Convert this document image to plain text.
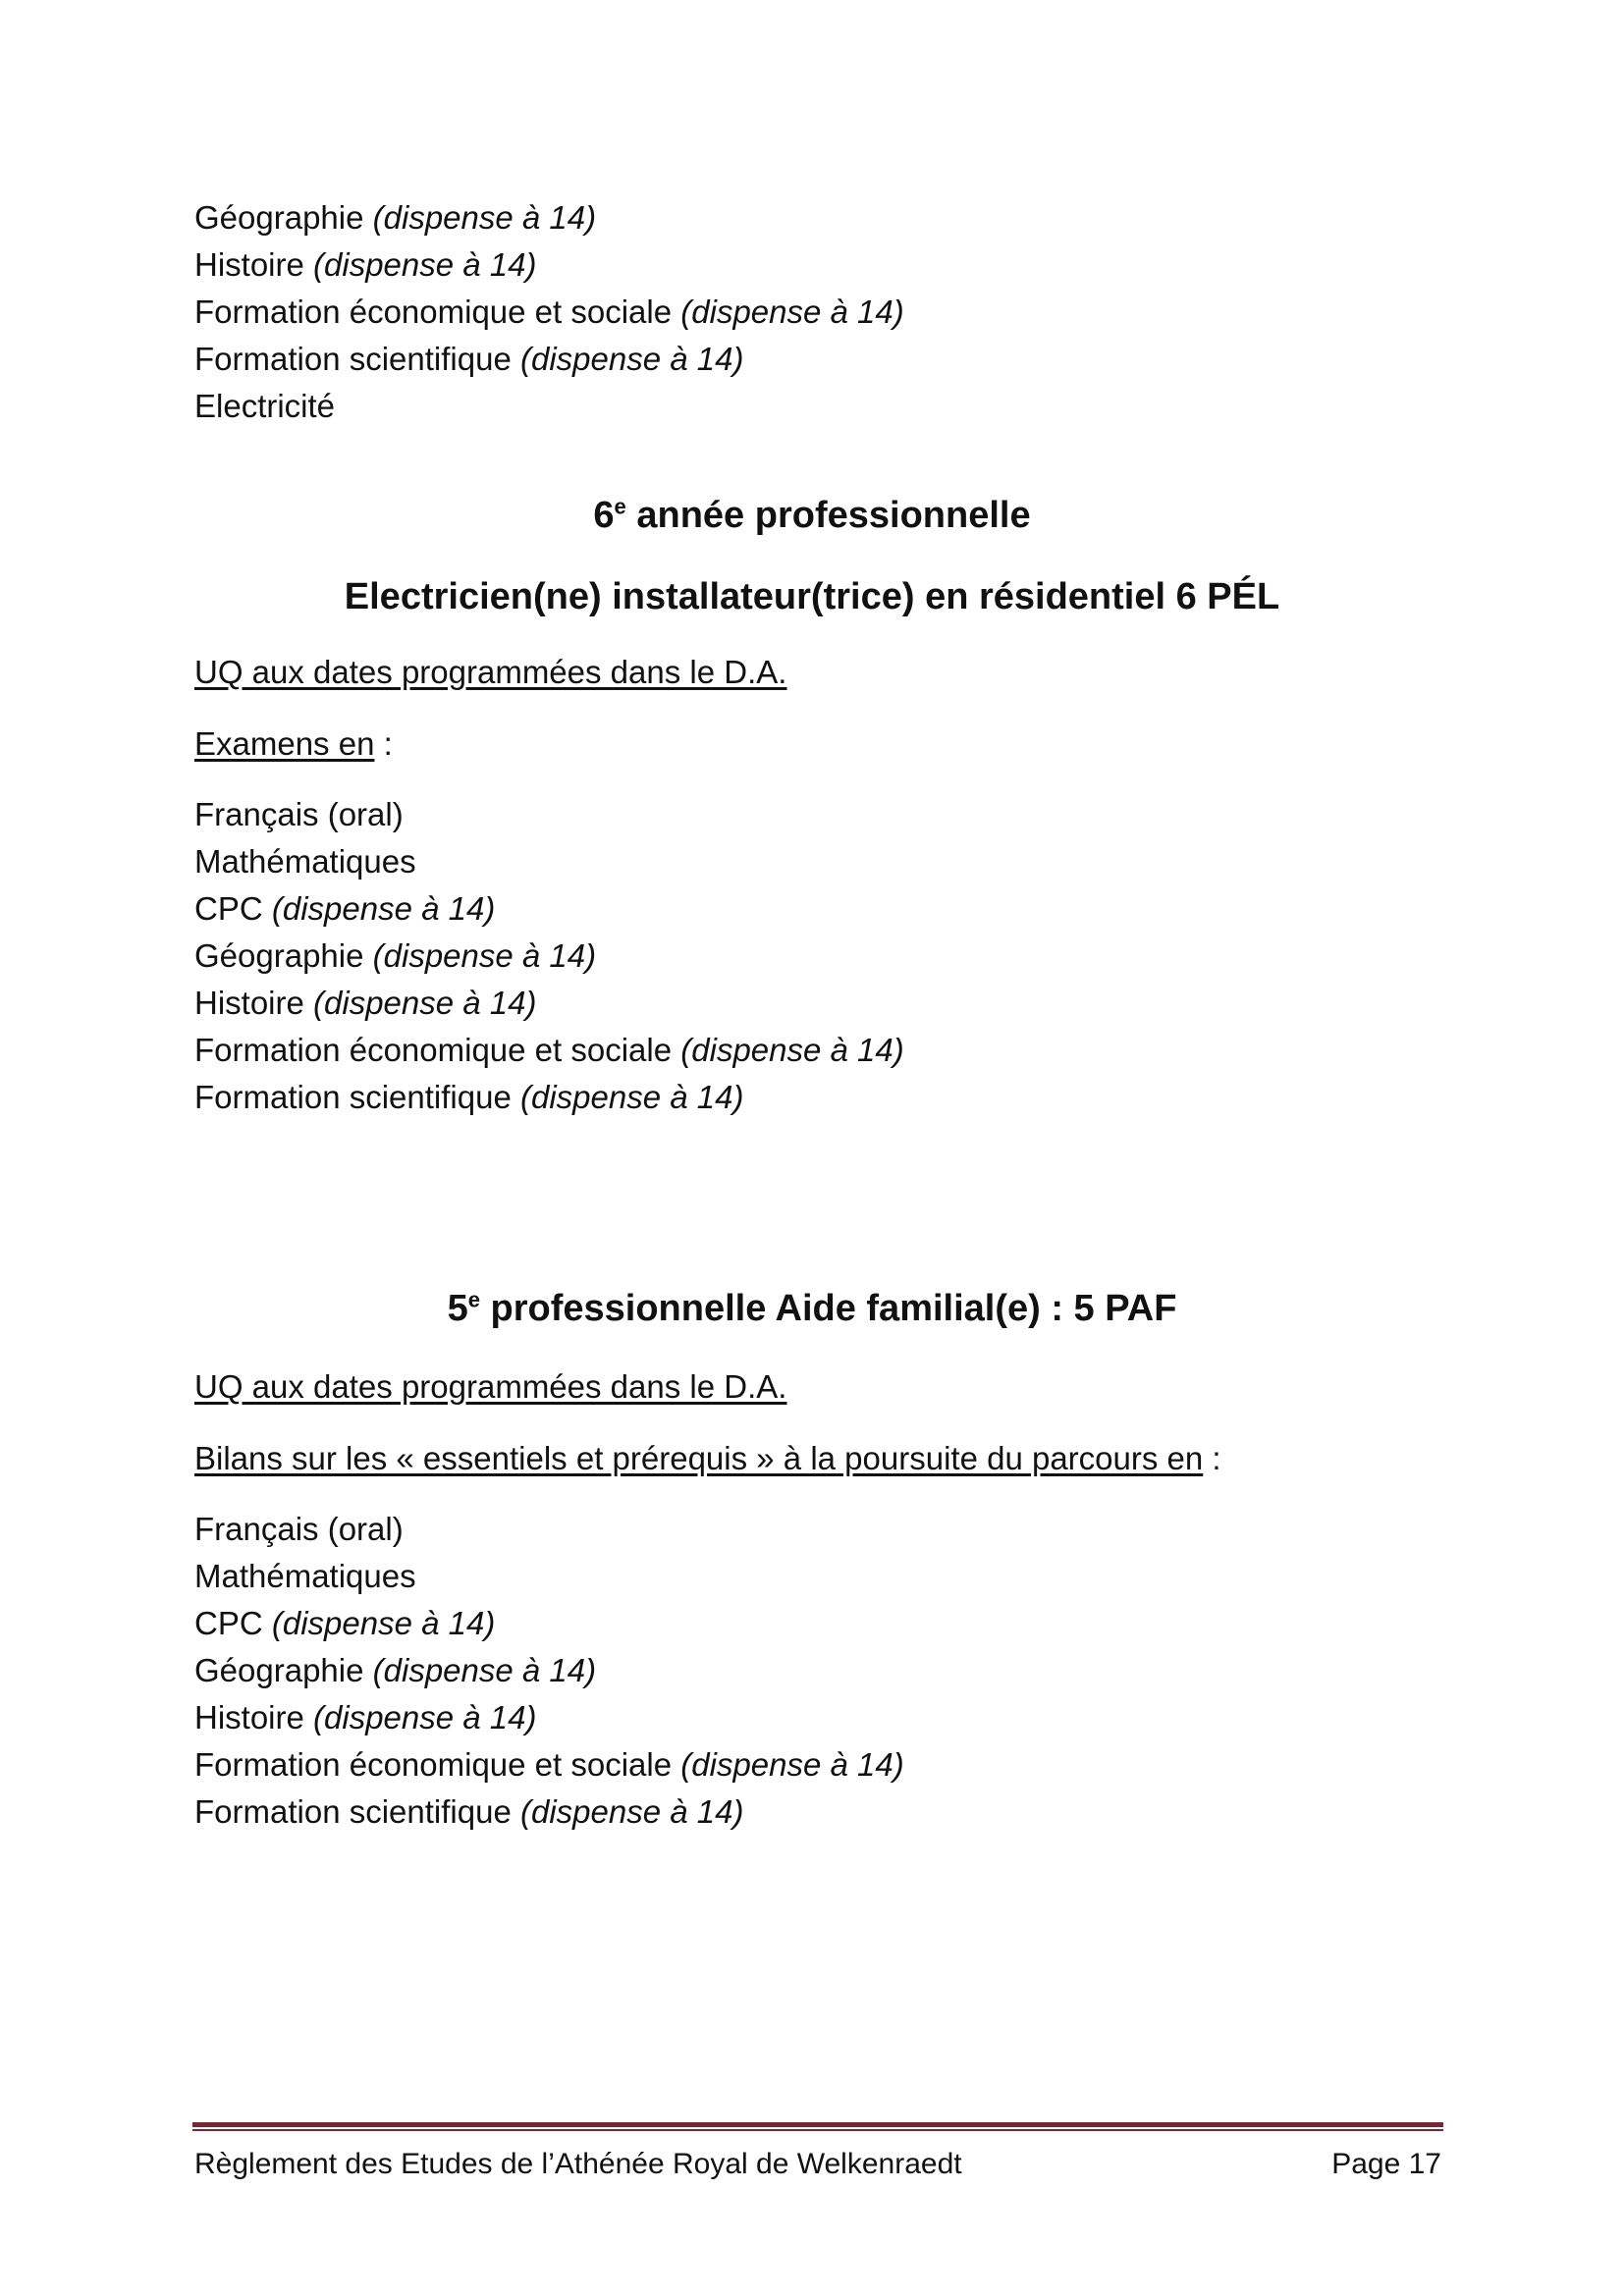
Géographie (dispense à 14)
Histoire (dispense à 14)
Formation économique et sociale (dispense à 14)
Formation scientifique (dispense à 14)
Electricité
6e année professionnelle
Electricien(ne) installateur(trice) en résidentiel 6 PÉL
UQ aux dates programmées dans le D.A.
Examens en :
Français (oral)
Mathématiques
CPC (dispense à 14)
Géographie (dispense à 14)
Histoire (dispense à 14)
Formation économique et sociale (dispense à 14)
Formation scientifique (dispense à 14)
5e professionnelle Aide familial(e) : 5 PAF
UQ aux dates programmées dans le D.A.
Bilans sur les « essentiels et prérequis » à la poursuite du parcours en :
Français (oral)
Mathématiques
CPC (dispense à 14)
Géographie (dispense à 14)
Histoire (dispense à 14)
Formation économique et sociale (dispense à 14)
Formation scientifique (dispense à 14)
Règlement des Etudes de l’Athénée Royal de Welkenraedt	Page 17
